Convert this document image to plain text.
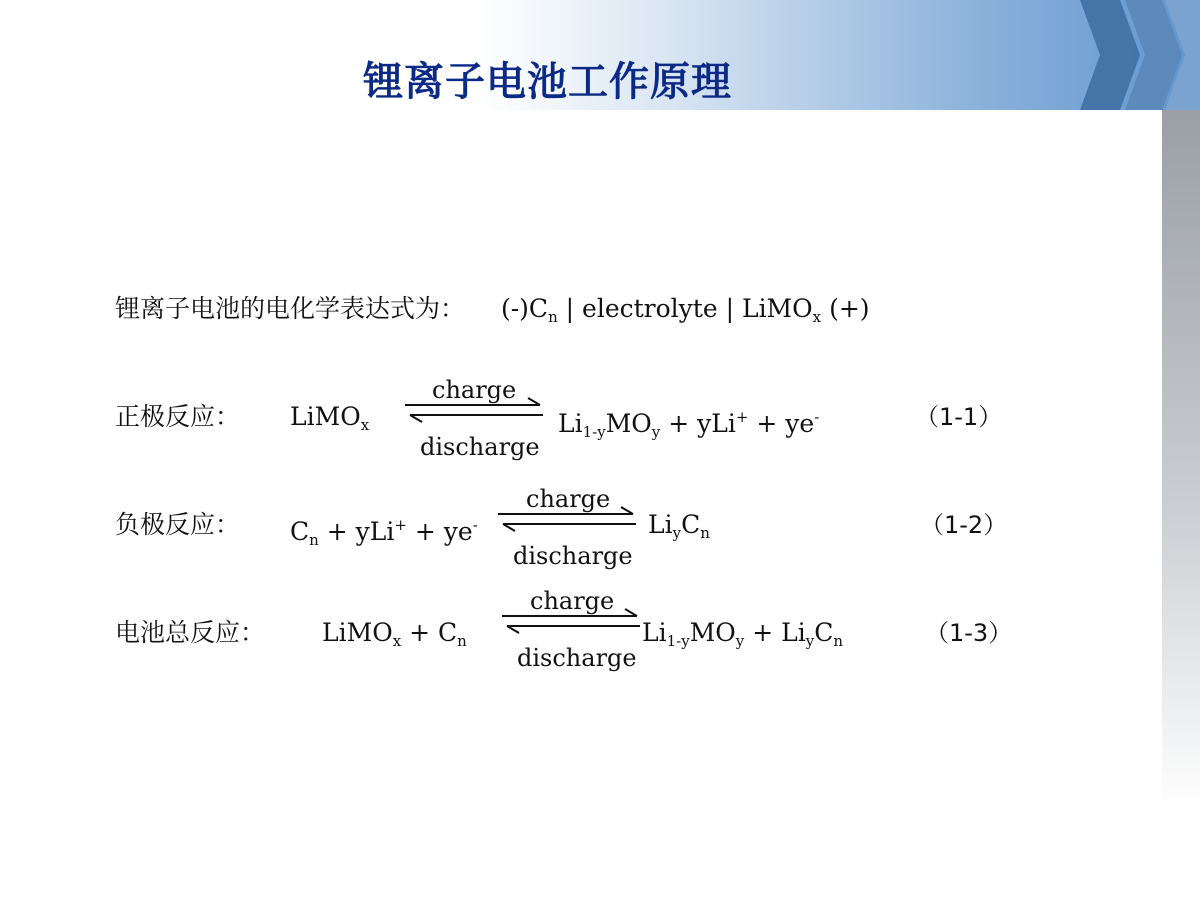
锂离子电池工作原理
锂离子电池的电化学表达式为： $(-)C_n$ | electrolyte | LiMO$_x$ (+)
正极反应： LiMO$_x$
charge
discharge
$Li_{1-y}MO_y + yLi^+ + ye^-$	（1-1）
负极反应： $C_n + yLi^+ + ye^-$
charge
discharge
$Li_yC_n$	（1-2）
电池总反应： LiMO$_x$ + $C_n$
charge
discharge
$Li_{1-y}MO_y + Li_yC_n$	（1-3）
